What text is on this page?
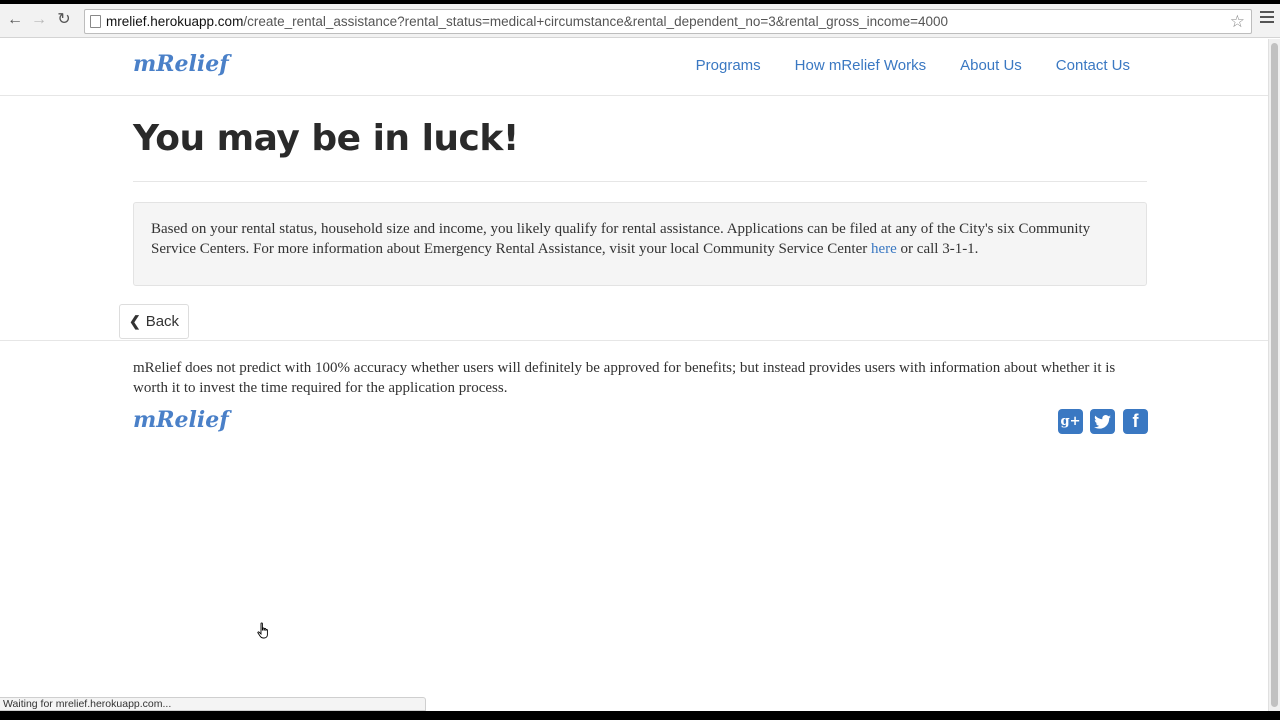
← → ↻	mrelief.herokuapp.com/create_rental_assistance?rental_status=medical+circumstance&rental_dependent_no=3&rental_gross_income=4000	☆
mRelief	Programs How mRelief Works About Us Contact Us
You may be in luck!
Based on your rental status, household size and income, you likely qualify for rental assistance. Applications can be filed at any of the City's six Community Service Centers. For more information about Emergency Rental Assistance, visit your local Community Service Center here or call 3-1-1.
❮ Back

mRelief does not predict with 100% accuracy whether users will definitely be approved for benefits; but instead provides users with information about whether it is worth it to invest the time required for the application process.

mRelief	g+	f
Waiting for mrelief.herokuapp.com...
